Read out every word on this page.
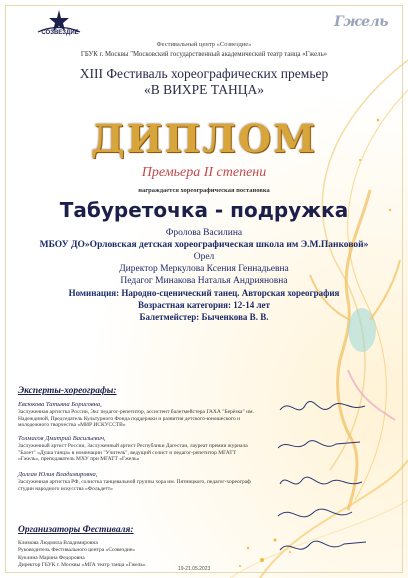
СОЗВЕЗДИЕ
Гжель
Фестивальный центр «Созвездие»
ГБУК г. Москвы "Московский государственный академический театр танца «Гжель»
XIII Фестиваль хореографических премьер
«В ВИХРЕ ТАНЦА»
ДИПЛОМ
Премьера II степени
награждается хореографическая постановка
Табуреточка - подружка
Фролова Василина
МБОУ ДО»Орловская детская хореографическая школа им Э.М.Панковой»
Орел
Директор Меркулова Ксения Геннадьевна
Педагог Минакова Наталья Андрияновна
Номинация: Народно-сценический танец. Авторская хореография
Возрастная категория: 12-14 лет
Балетмейстер: Быченкова В. В.
Эксперты-хореографы:
Евсюкова Татьяна Борисовна,
Заслуженная артистка России, Экс педагог-репетитор, ассистент балетмейстера ГАХА "Берёзка" им. Надеждиной, Председатель Культурного Фонда поддержки и развития детского-юношеского и молодежного творчества «МИР ИСКУССТВ»
Толмасов Дмитрий Васильевич,
Заслуженный артист России, Заслуженный артист Республики Дагестан, лауреат премии журнала "Балет" «Душа танца» в номинации "Учитель", ведущий солист и педагог-репетитор МГАТТ «Гжель», преподаватель МХУ при МГАТТ «Гжель»
Долгая Юлия Владимировна,
Заслуженная артистка РФ, солистка танцевальной группы хора им. Пятницкого, педагог-хореограф студии народного искусства «Фольдетт»
Организаторы Фестиваля:
Климова Людмила Владимировна
Руководитель Фестивального центра «Созвездие»
Куклина Марина Федоровна
Директор ГБУК г. Москвы «МГА театр танца «Гжель»
19-21.05.2023
